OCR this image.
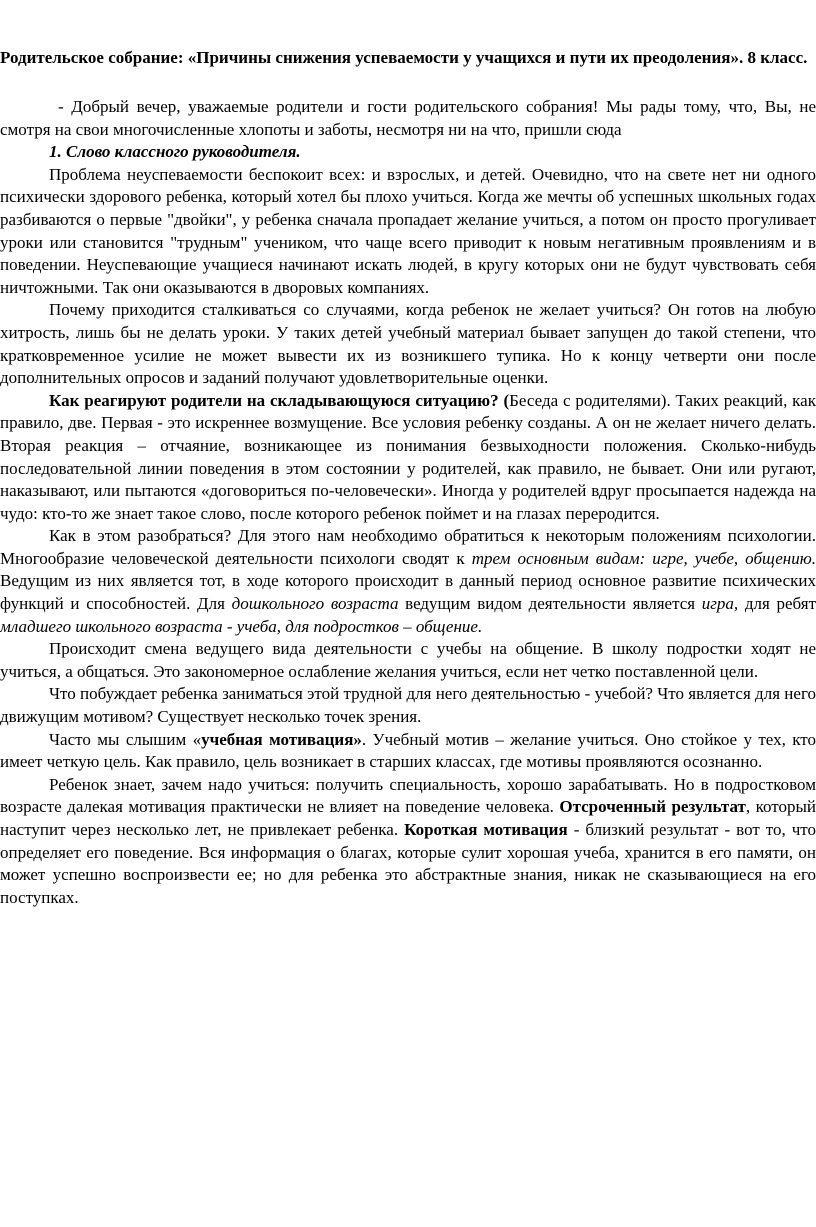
Родительское собрание: «Причины снижения успеваемости у учащихся и пути их преодоления». 8 класс.

- Добрый вечер, уважаемые родители и гости родительского собрания! Мы рады тому, что, Вы, не смотря на свои многочисленные хлопоты и заботы, несмотря ни на что, пришли сюда

1. Слово классного руководителя.

Проблема неуспеваемости беспокоит всех: и взрослых, и детей. Очевидно, что на свете нет ни одного психически здорового ребенка, который хотел бы плохо учиться. Когда же мечты об успешных школьных годах разбиваются о первые "двойки", у ребенка сначала пропадает желание учиться, а потом он просто прогуливает уроки или становится "трудным" учеником, что чаще всего приводит к новым негативным проявлениям и в поведении. Неуспевающие учащиеся начинают искать людей, в кругу которых они не будут чувствовать себя ничтожными. Так они оказываются в дворовых компаниях.

Почему приходится сталкиваться со случаями, когда ребенок не желает учиться? Он готов на любую хитрость, лишь бы не делать уроки. У таких детей учебный материал бывает запущен до такой степени, что кратковременное усилие не может вывести их из возникшего тупика. Но к концу четверти они после дополнительных опросов и заданий получают удовлетворительные оценки.

Как реагируют родители на складывающуюся ситуацию? (Беседа с родителями). Таких реакций, как правило, две. Первая - это искреннее возмущение. Все условия ребенку созданы. А он не желает ничего делать. Вторая реакция – отчаяние, возникающее из понимания безвыходности положения. Сколько-нибудь последовательной линии поведения в этом состоянии у родителей, как правило, не бывает. Они или ругают, наказывают, или пытаются «договориться по-человечески». Иногда у родителей вдруг просыпается надежда на чудо: кто-то же знает такое слово, после которого ребенок поймет и на глазах переродится.

Как в этом разобраться? Для этого нам необходимо обратиться к некоторым положениям психологии. Многообразие человеческой деятельности психологи сводят к трем основным видам: игре, учебе, общению. Ведущим из них является тот, в ходе которого происходит в данный период основное развитие психических функций и способностей. Для дошкольного возраста ведущим видом деятельности является игра, для ребят младшего школьного возраста - учеба, для подростков – общение.

Происходит смена ведущего вида деятельности с учебы на общение. В школу подростки ходят не учиться, а общаться. Это закономерное ослабление желания учиться, если нет четко поставленной цели.

Что побуждает ребенка заниматься этой трудной для него деятельностью - учебой? Что является для него движущим мотивом? Существует несколько точек зрения.

Часто мы слышим «учебная мотивация». Учебный мотив – желание учиться. Оно стойкое у тех, кто имеет четкую цель. Как правило, цель возникает в старших классах, где мотивы проявляются осознанно.

Ребенок знает, зачем надо учиться: получить специальность, хорошо зарабатывать. Но в подростковом возрасте далекая мотивация практически не влияет на поведение человека. Отсроченный результат, который наступит через несколько лет, не привлекает ребенка. Короткая мотивация - близкий результат - вот то, что определяет его поведение. Вся информация о благах, которые сулит хорошая учеба, хранится в его памяти, он может успешно воспроизвести ее; но для ребенка это абстрактные знания, никак не сказывающиеся на его поступках.
